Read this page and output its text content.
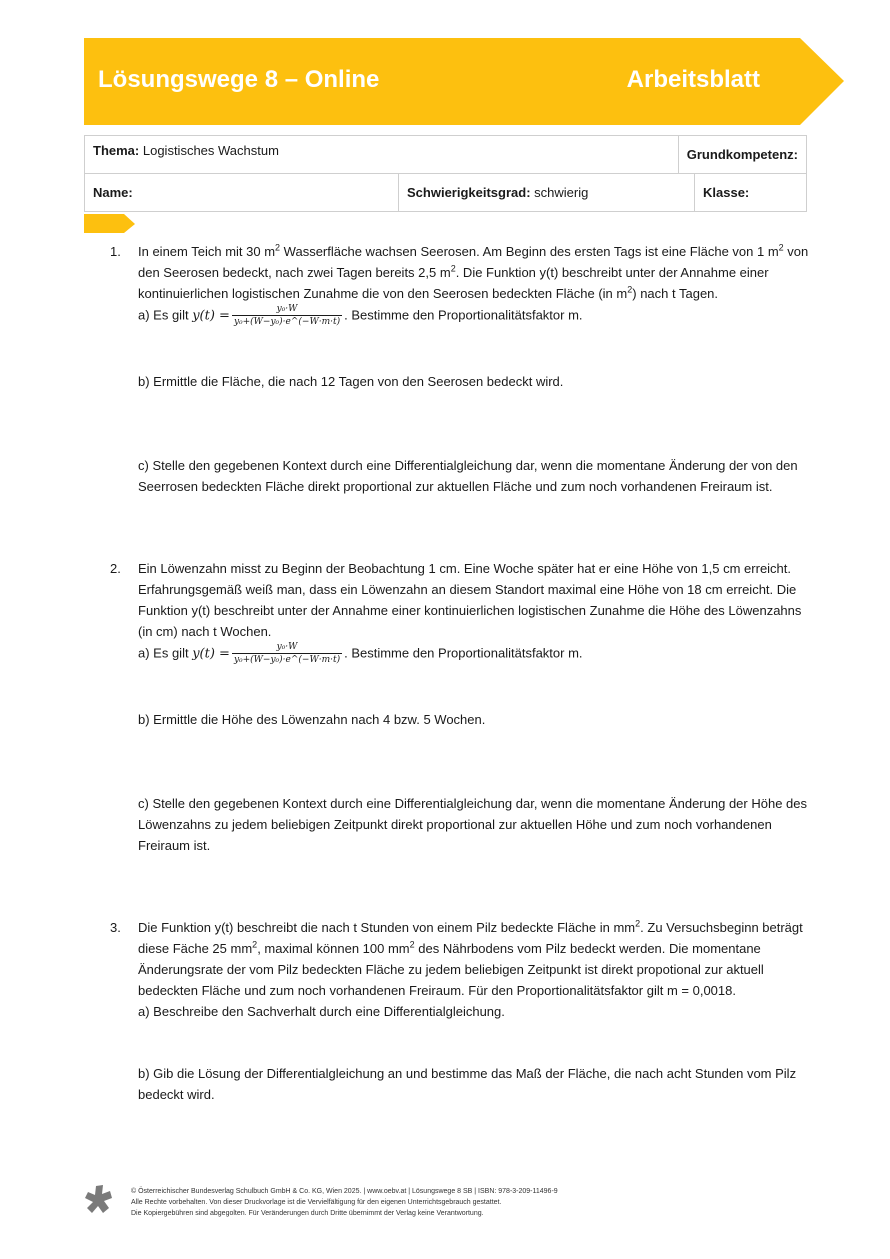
Lösungswege 8 – Online	Arbeitsblatt
Thema: Logistisches Wachstum		Grundkompetenz:	
Name:	Schwierigkeitsgrad: schwierig		Klasse:
1. In einem Teich mit 30 $m^2$ Wasserfläche wachsen Seerosen. Am Beginn des ersten Tags ist eine Fläche von 1 $m^2$ von den Seerosen bedeckt, nach zwei Tagen bereits 2,5 $m^2$. Die Funktion y(t) beschreibt unter der Annahme einer kontinuierlichen logistischen Zunahme die von den Seerosen bedeckten Fläche (in $m^2$) nach t Tagen.

a) Es gilt $y(t) = \frac{\text{y₀·W}}{\text{y₀+(W−y₀)·e\textasciicircum{}(−W·m·t)}}$ . Bestimme den Proportionalitätsfaktor m.

b) Ermittle die Fläche, die nach 12 Tagen von den Seerosen bedeckt wird.

c) Stelle den gegebenen Kontext durch eine Differentialgleichung dar, wenn die momentane Änderung der von den Seerrosen bedeckten Fläche direkt proportional zur aktuellen Fläche und zum noch vorhandenen Freiraum ist.

2. Ein Löwenzahn misst zu Beginn der Beobachtung 1 cm. Eine Woche später hat er eine Höhe von 1,5 cm erreicht. Erfahrungsgemäß weiß man, dass ein Löwenzahn an diesem Standort maximal eine Höhe von 18 cm erreicht. Die Funktion y(t) beschreibt unter der Annahme einer kontinuierlichen logistischen Zunahme die Höhe des Löwenzahns (in cm) nach t Wochen.

a) Es gilt $y(t) = \frac{\text{y₀·W}}{\text{y₀+(W−y₀)·e\textasciicircum{}(−W·m·t)}}$ . Bestimme den Proportionalitätsfaktor m.

b) Ermittle die Höhe des Löwenzahn nach 4 bzw. 5 Wochen.

c) Stelle den gegebenen Kontext durch eine Differentialgleichung dar, wenn die momentane Änderung der Höhe des Löwenzahns zu jedem beliebigen Zeitpunkt direkt proportional zur aktuellen Höhe und zum noch vorhandenen Freiraum ist.

3. Die Funktion y(t) beschreibt die nach t Stunden von einem Pilz bedeckte Fläche in $mm^2$. Zu Versuchsbeginn beträgt diese Fäche 25 $mm^2$, maximal können 100 $mm^2$ des Nährbodens vom Pilz bedeckt werden. Die momentane Änderungsrate der vom Pilz bedeckten Fläche zu jedem beliebigen Zeitpunkt ist direkt propotional zur aktuell bedeckten Fläche und zum noch vorhandenen Freiraum. Für den Proportionalitätsfaktor gilt m = 0,0018.

a) Beschreibe den Sachverhalt durch eine Differentialgleichung.

b) Gib die Lösung der Differentialgleichung an und bestimme das Maß der Fläche, die nach acht Stunden vom Pilz bedeckt wird.

© Österreichischer Bundesverlag Schulbuch GmbH & Co. KG, Wien 2025. | www.oebv.at | Lösungswege 8 SB | ISBN: 978-3-209-11496-9
Alle Rechte vorbehalten. Von dieser Druckvorlage ist die Vervielfältigung für den eigenen Unterrichtsgebrauch gestattet.
Die Kopiergebühren sind abgegolten. Für Veränderungen durch Dritte übernimmt der Verlag keine Verantwortung.
